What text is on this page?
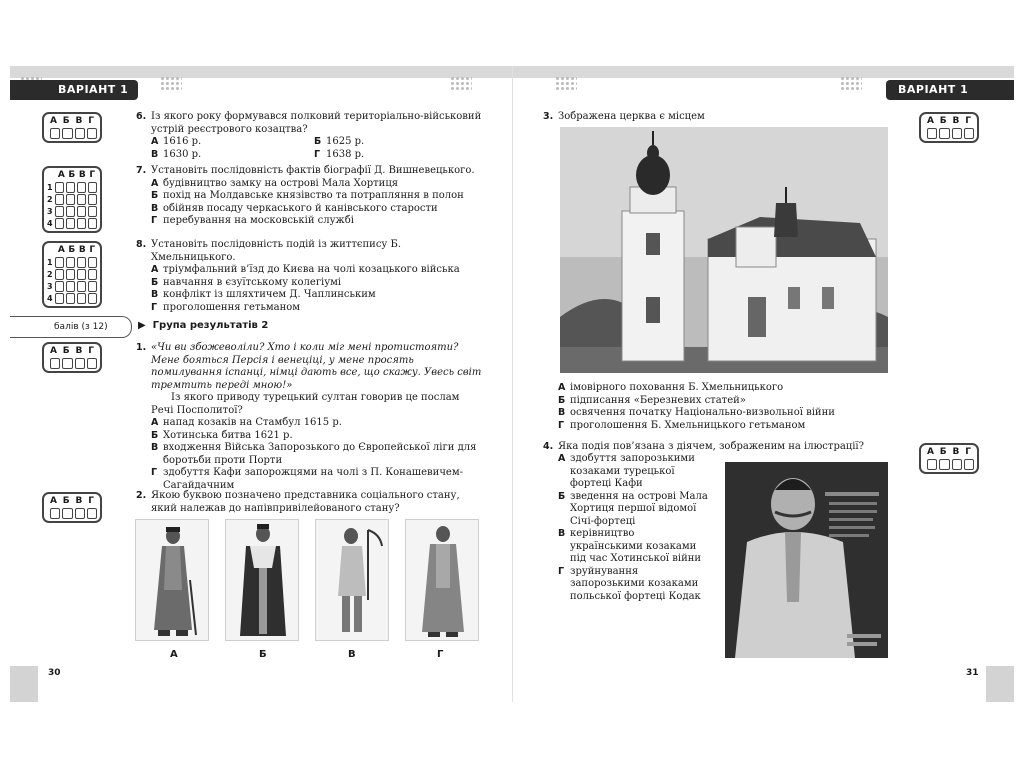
ВАРІАНТ 1	ВАРІАНТ 1
А Б В Г
А Б В Г
1
2
3
4
А Б В Г
1
2
3
4
балів (з 12)
А Б В Г
А Б В Г
6. Із якого року формувався полковий територіально-військовий устрій реєстрового козацтва?
А 1616 р.	Б 1625 р.
В 1630 р.	Г 1638 р.
7. Установіть послідовність фактів біографії Д. Вишневецького.
А будівництво замку на острові Мала Хортиця
Б похід на Молдавське князівство та потрапляння в полон
В обійняв посаду черкаського й канівського старости
Г перебування на московській службі
8. Установіть послідовність подій із життєпису Б. Хмельницького.
А тріумфальний в’їзд до Києва на чолі козацького війська
Б навчання в єзуїтському колегіумі
В конфлікт із шляхтичем Д. Чаплинським
Г проголошення гетьманом
▶ Група результатів 2
1. «Чи ви збожеволіли? Хто і коли міг мені протистояти? Мене бояться Персія і венеціці, у мене просять помилування іспанці, німці дають все, що скажу. Увесь світ тремтить переді мною!»
Із якого приводу турецький султан говорив це послам Речі Посполитої?
А напад козаків на Стамбул 1615 р.
Б Хотинська битва 1621 р.
В входження Війська Запорозького до Європейської ліги для боротьби проти Порти
Г здобуття Кафи запорожцями на чолі з П. Конашевичем-Сагайдачним
2. Якою буквою позначено представника соціального стану, який належав до напівпривілейованого стану?
А	Б	В	Г
30
3. Зображена церква є місцем
А імовірного поховання Б. Хмельницького
Б підписання «Березневих статей»
В освячення початку Національно-визвольної війни
Г проголошення Б. Хмельницького гетьманом
4. Яка подія пов’язана з діячем, зображеним на ілюстрації?
А здобуття запорозькими козаками турецької фортеці Кафи
Б зведення на острові Мала Хортиця першої відомої Січі-фортеці
В керівництво українськими козаками під час Хотинської війни
Г зруйнування запорозькими козаками польської фортеці Кодак
А Б В Г
А Б В Г
31
